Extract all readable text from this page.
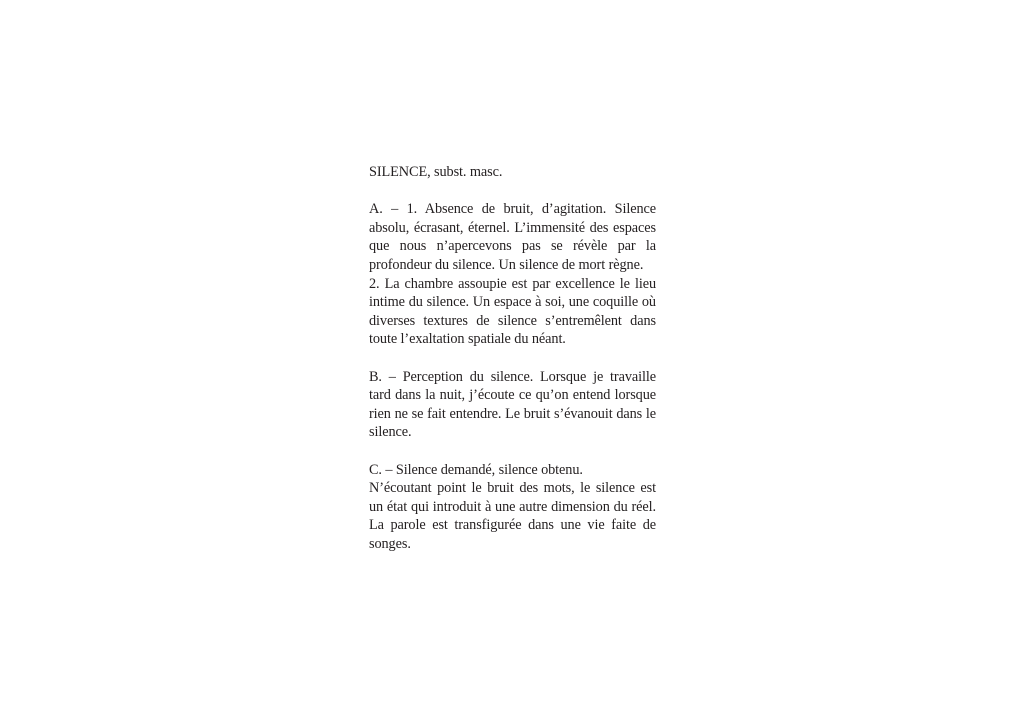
SILENCE, subst. masc.

A. – 1. Absence de bruit, d’agitation. Silence absolu, écrasant, éternel. L’immensité des espaces que nous n’apercevons pas se révèle par la profondeur du silence. Un silence de mort règne.

2. La chambre assoupie est par excellence le lieu intime du silence. Un espace à soi, une coquille où diverses textures de silence s’entremêlent dans toute l’exaltation spatiale du néant.

B. – Perception du silence. Lorsque je travaille tard dans la nuit, j’écoute ce qu’on entend lorsque rien ne se fait entendre. Le bruit s’évanouit dans le silence.

C. – Silence demandé, silence obtenu.

N’écoutant point le bruit des mots, le silence est un état qui introduit à une autre dimension du réel. La parole est transfigurée dans une vie faite de songes.
